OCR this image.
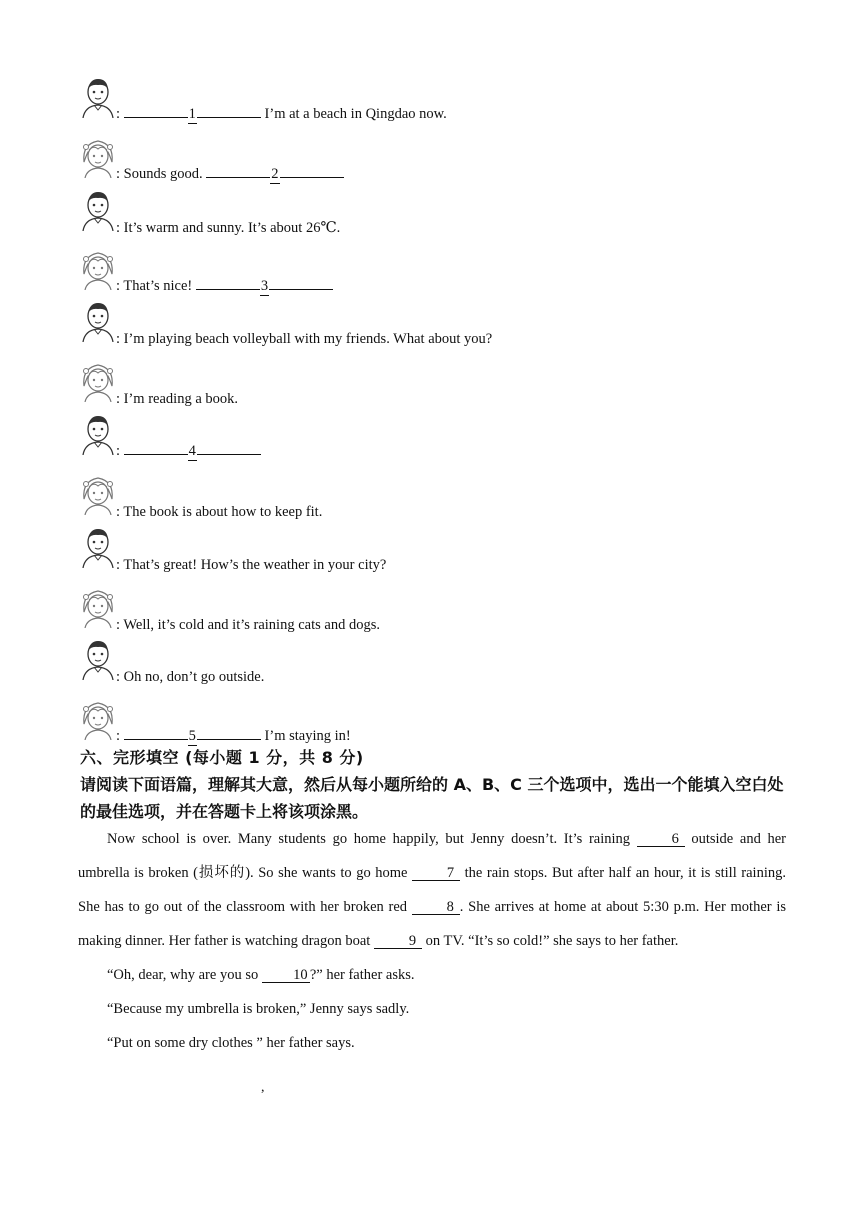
:	1	I’m at a beach in Qingdao now.
: Sounds good.	2
: It’s warm and sunny. It’s about 26℃.
: That’s nice!	3
: I’m playing beach volleyball with my friends. What about you?
: I’m reading a book.
:	4
: The book is about how to keep fit.
: That’s great! How’s the weather in your city?
: Well, it’s cold and it’s raining cats and dogs.
: Oh no, don’t go outside.
:	5	I’m staying in!
六、完形填空 (每小题 1 分，共 8 分)

请阅读下面语篇，理解其大意，然后从每小题所给的 A、B、C 三个选项中，选出一个能填入空白处的最佳选项，并在答题卡上将该项涂黑。

Now school is over. Many students go home happily, but Jenny doesn’t. It’s raining 6 outside and her umbrella is broken (损坏的). So she wants to go home 7 the rain stops. But after half an hour, it is still raining. She has to go out of the classroom with her broken red 8 . She arrives at home at about 5:30 p.m. Her mother is making dinner. Her father is watching dragon boat 9 on TV. “It’s so cold!” she says to her father.

“Oh, dear, why are you so 10 ?” her father asks.

“Because my umbrella is broken,” Jenny says sadly.

“Put on some dry clothes ” her father says.

,
